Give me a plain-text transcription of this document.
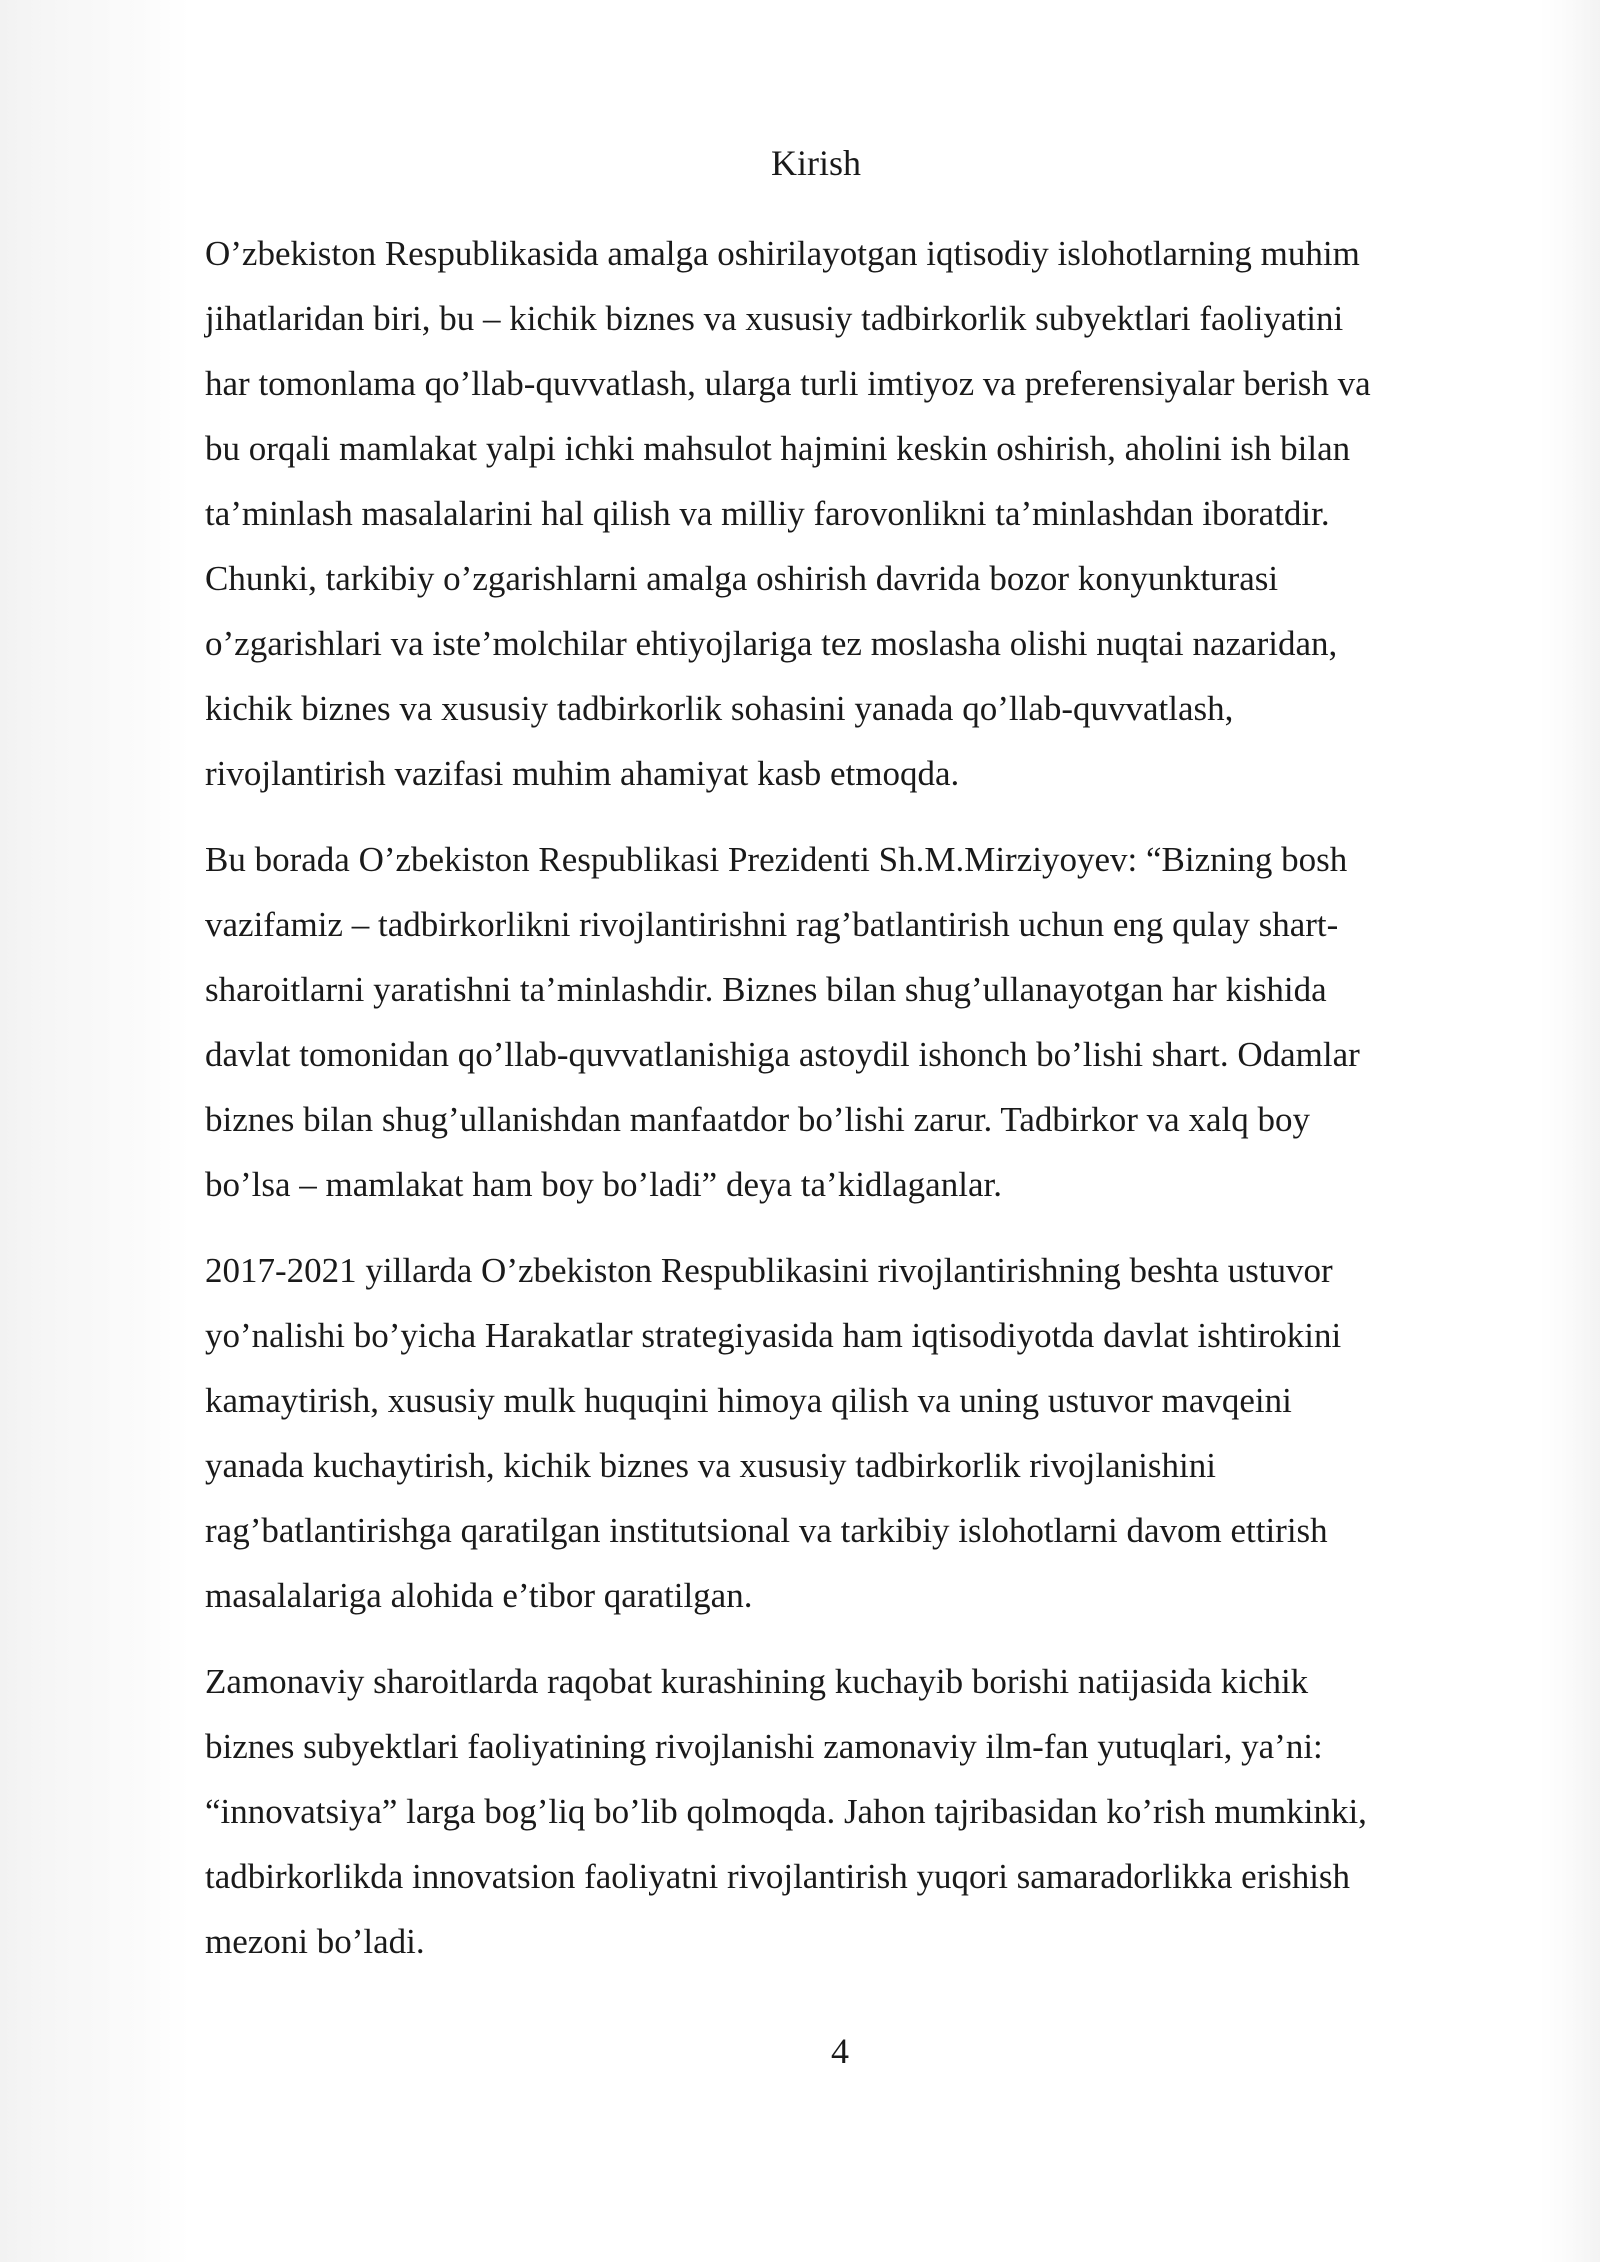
Kirish

O’zbekiston Respublikasida amalga oshirilayotgan iqtisodiy islohotlarning muhim
jihatlaridan biri, bu – kichik biznes va xususiy tadbirkorlik subyektlari faoliyatini
har tomonlama qo’llab-quvvatlash, ularga turli imtiyoz va preferensiyalar berish va
bu orqali mamlakat yalpi ichki mahsulot hajmini keskin oshirish, aholini ish bilan
ta’minlash masalalarini hal qilish va milliy farovonlikni ta’minlashdan iboratdir.
Chunki, tarkibiy o’zgarishlarni amalga oshirish davrida bozor konyunkturasi
o’zgarishlari va iste’molchilar ehtiyojlariga tez moslasha olishi nuqtai nazaridan,
kichik biznes va xususiy tadbirkorlik sohasini yanada qo’llab-quvvatlash,
rivojlantirish vazifasi muhim ahamiyat kasb etmoqda.

Bu borada O’zbekiston Respublikasi Prezidenti Sh.M.Mirziyoyev: “Bizning bosh
vazifamiz – tadbirkorlikni rivojlantirishni rag’batlantirish uchun eng qulay shart-
sharoitlarni yaratishni ta’minlashdir. Biznes bilan shug’ullanayotgan har kishida
davlat tomonidan qo’llab-quvvatlanishiga astoydil ishonch bo’lishi shart. Odamlar
biznes bilan shug’ullanishdan manfaatdor bo’lishi zarur. Tadbirkor va xalq boy
bo’lsa – mamlakat ham boy bo’ladi” deya ta’kidlaganlar.

2017-2021 yillarda O’zbekiston Respublikasini rivojlantirishning beshta ustuvor
yo’nalishi bo’yicha Harakatlar strategiyasida ham iqtisodiyotda davlat ishtirokini
kamaytirish, xususiy mulk huquqini himoya qilish va uning ustuvor mavqeini
yanada kuchaytirish, kichik biznes va xususiy tadbirkorlik rivojlanishini
rag’batlantirishga qaratilgan institutsional va tarkibiy islohotlarni davom ettirish
masalalariga alohida e’tibor qaratilgan.

Zamonaviy sharoitlarda raqobat kurashining kuchayib borishi natijasida kichik
biznes subyektlari faoliyatining rivojlanishi zamonaviy ilm-fan yutuqlari, ya’ni:
“innovatsiya” larga bog’liq bo’lib qolmoqda. Jahon tajribasidan ko’rish mumkinki,
tadbirkorlikda innovatsion faoliyatni rivojlantirish yuqori samaradorlikka erishish
mezoni bo’ladi.

4
